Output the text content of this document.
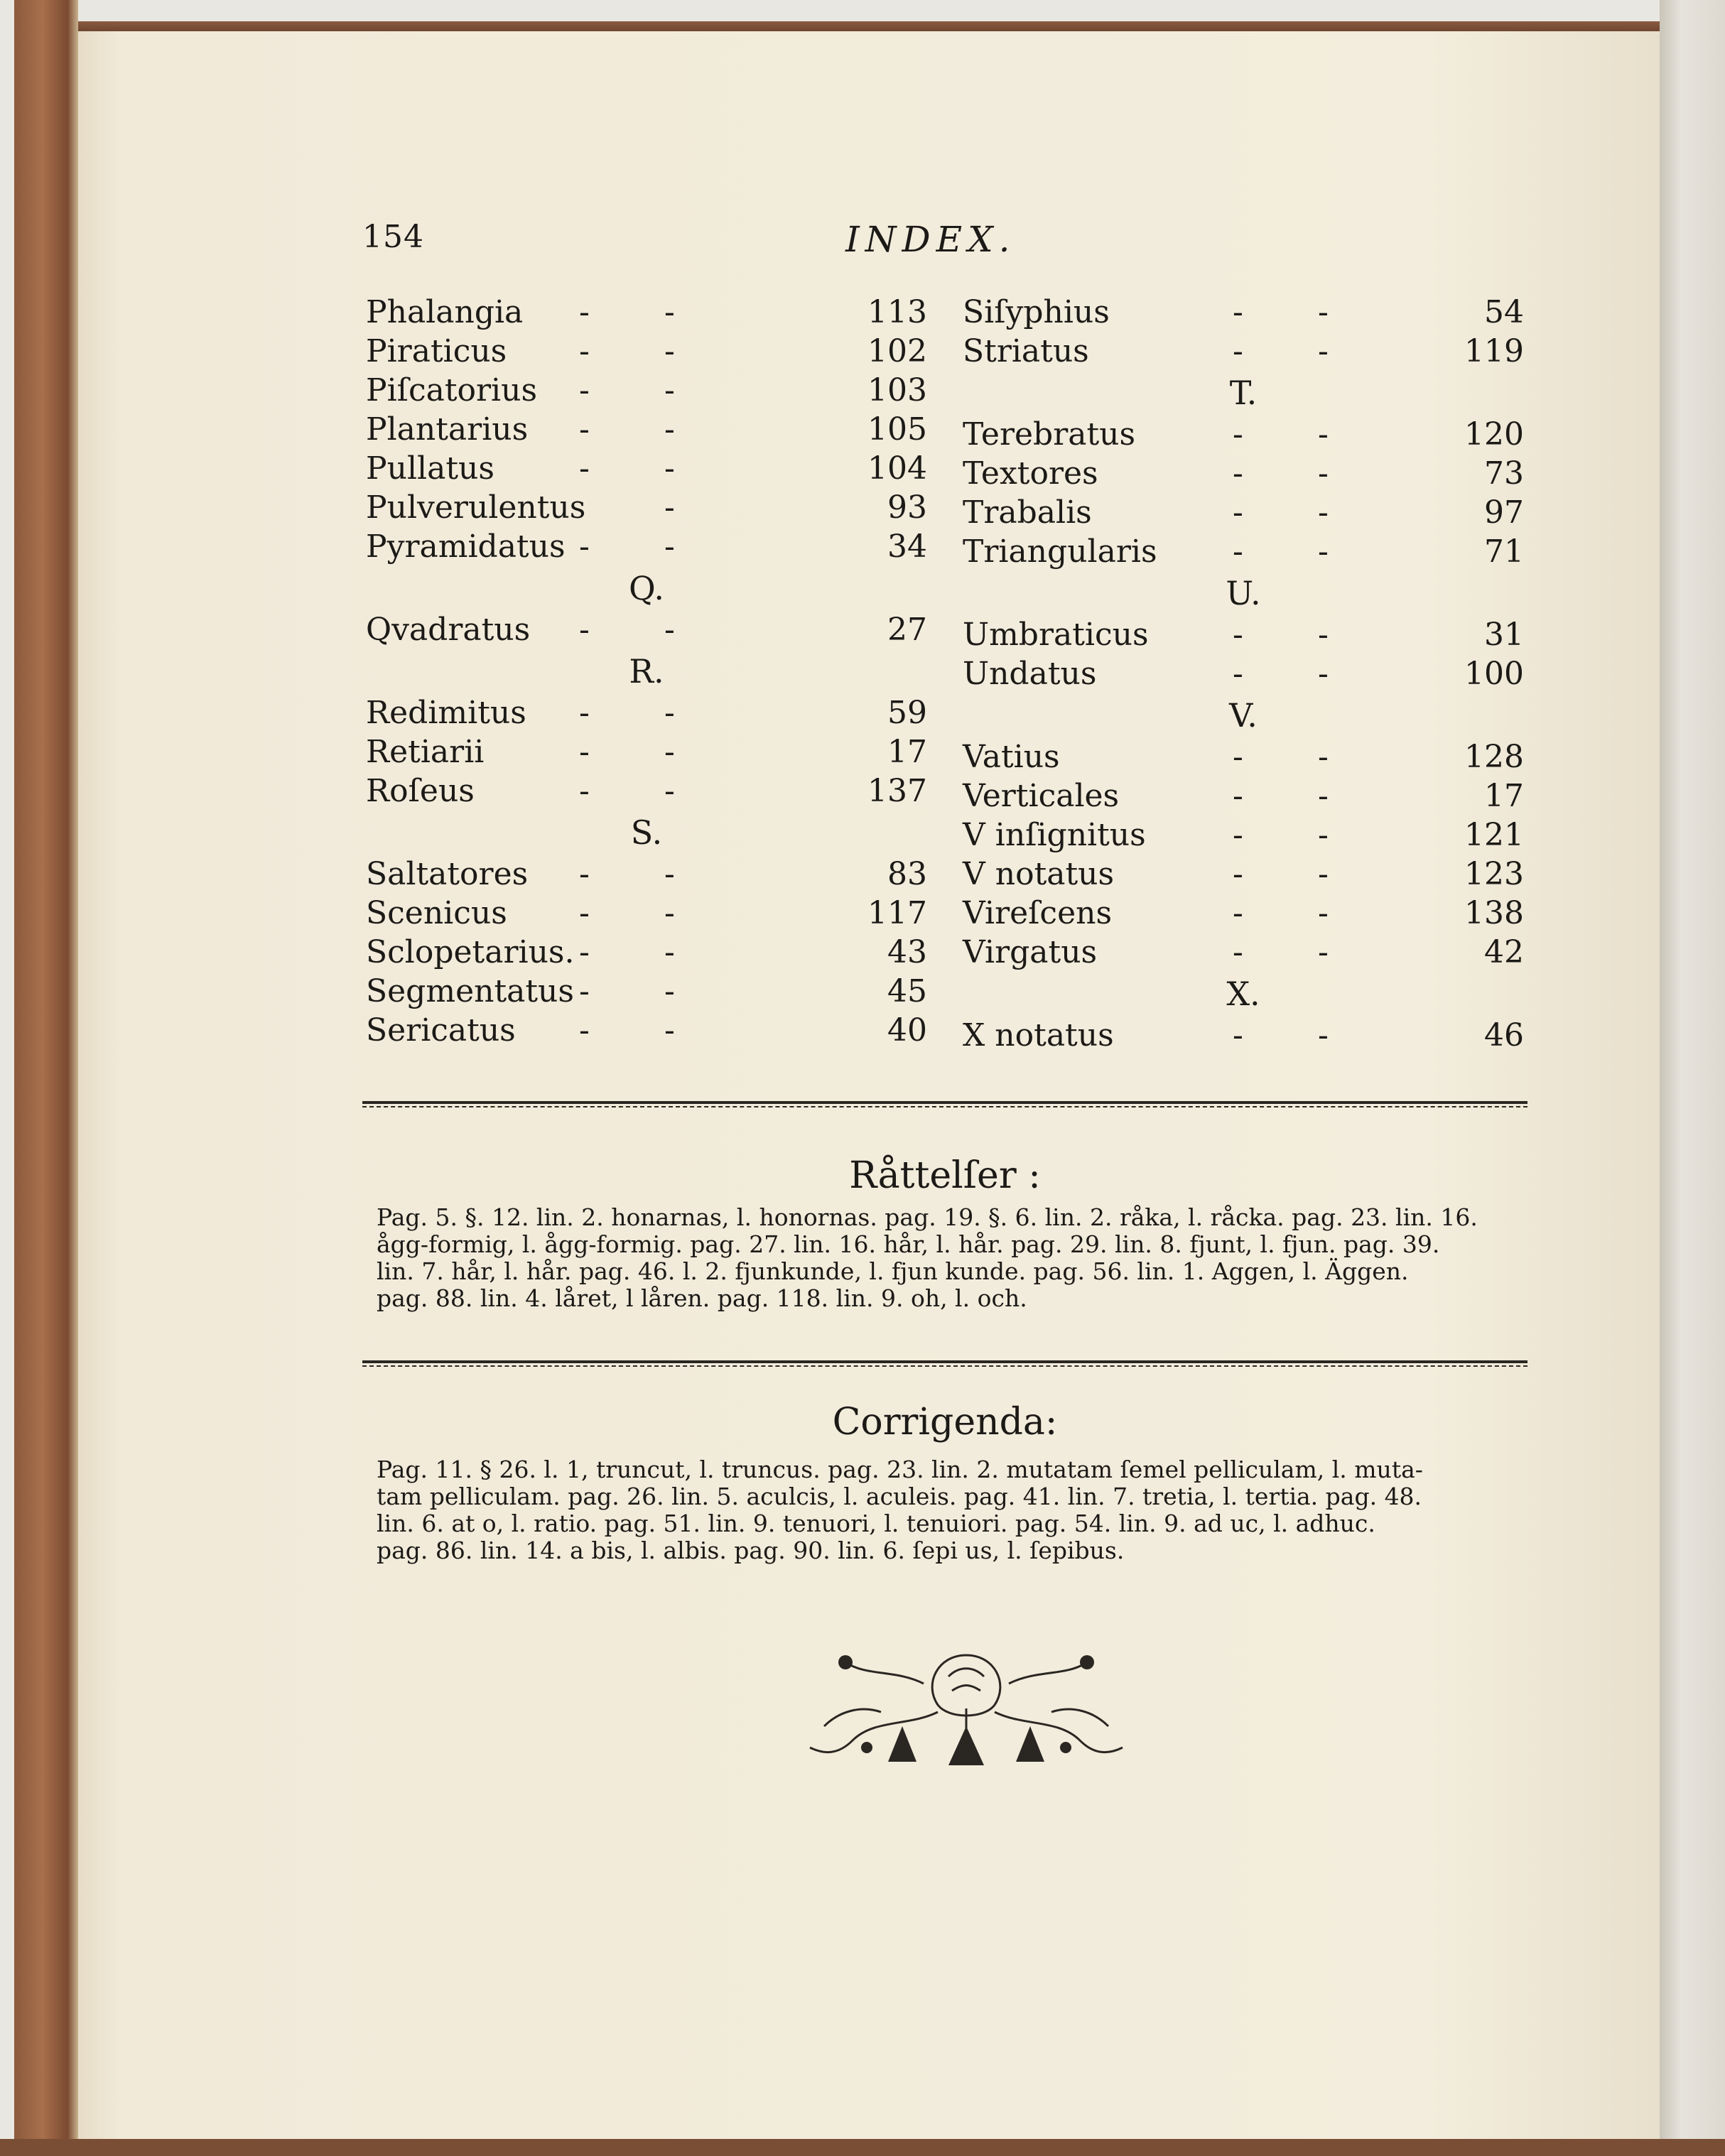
154	INDEX.
Phalangia - -	113
Piraticus - -	102
Piſcatorius - -	103
Plantarius - -	105
Pullatus	- -	104
Pulverulentus	-	93
Pyramidatus - -	34
Q.
Qvadratus - -	27
R.
Redimitus - -	59
Retiarii	- -	17
Roſeus	- -	137
S.
Saltatores - -	83
Scenicus - -	117
Sclopetarius. - -	43
Segmentatus - -	45
Sericatus - -	40
Siſyphius	- -	54
Striatus	- -	119
T.
Terebratus	- -	120
Textores	- -	73
Trabalis	- -	97
Triangularis - -	71
U.
Umbraticus	- -	31
Undatus	- -	100
V.
Vatius	- -	128
Verticales	- -	17
V inſignitus	- -	121
V notatus	- -	123
Vireſcens	- -	138
Virgatus	- -	42
X.
X notatus	- -	46
Råttelſer :
Pag. 5. §. 12. lin. 2. honarnas, l. honornas. pag. 19. §. 6. lin. 2. råka, l. råcka. pag. 23. lin. 16.
ågg-formig, l. ågg-formig. pag. 27. lin. 16. hår, l. hår. pag. 29. lin. 8. fjunt, l. fjun. pag. 39.
lin. 7. hår, l. hår. pag. 46. l. 2. fjunkunde, l. fjun kunde. pag. 56. lin. 1. Aggen, l. Äggen.
pag. 88. lin. 4. låret, l låren. pag. 118. lin. 9. oh, l. och.
Corrigenda:
Pag. 11. § 26. l. 1, truncut, l. truncus. pag. 23. lin. 2. mutatam ſemel pelliculam, l. muta-
tam pelliculam. pag. 26. lin. 5. aculcis, l. aculeis. pag. 41. lin. 7. tretia, l. tertia. pag. 48.
lin. 6. at o, l. ratio. pag. 51. lin. 9. tenuori, l. tenuiori. pag. 54. lin. 9. ad uc, l. adhuc.
pag. 86. lin. 14. a bis, l. albis. pag. 90. lin. 6. ſepi us, l. ſepibus.
